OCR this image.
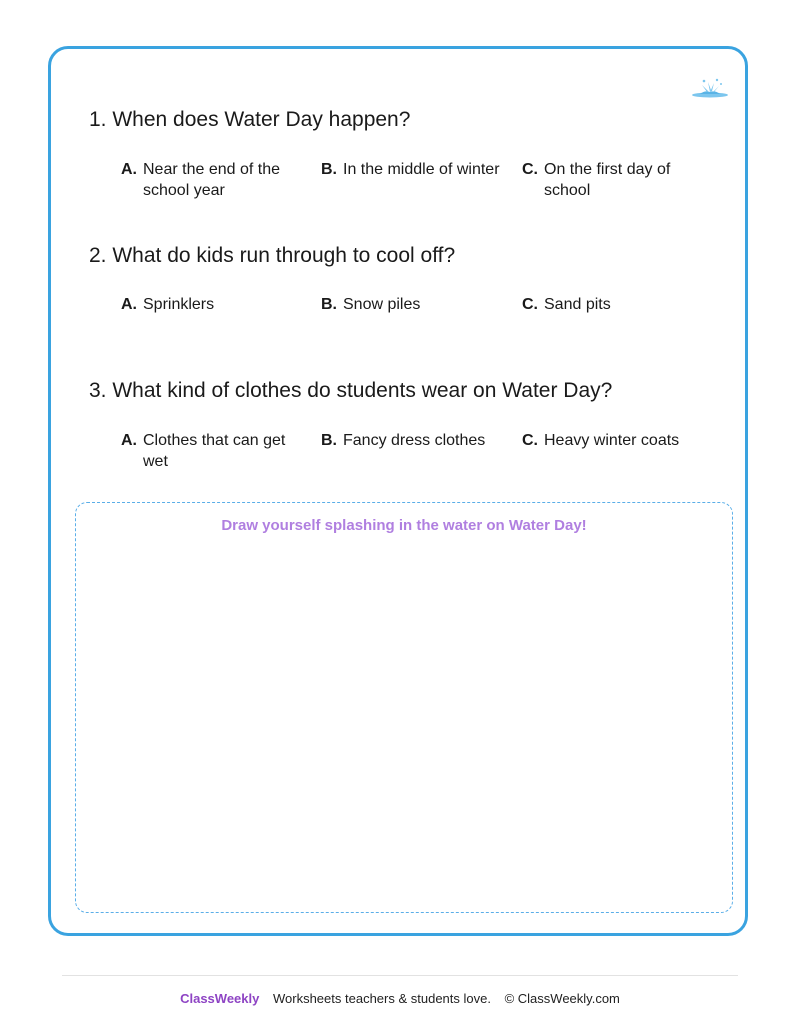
1. When does Water Day happen?
A. Near the end of the school year
B. In the middle of winter	C. On the first day of school
2. What do kids run through to cool off?
A. Sprinklers	B. Snow piles	C. Sand pits
3. What kind of clothes do students wear on Water Day?
A. Clothes that can get wet
B. Fancy dress clothes	C. Heavy winter coats
Draw yourself splashing in the water on Water Day!
ClassWeekly Worksheets teachers & students love. © ClassWeekly.com
